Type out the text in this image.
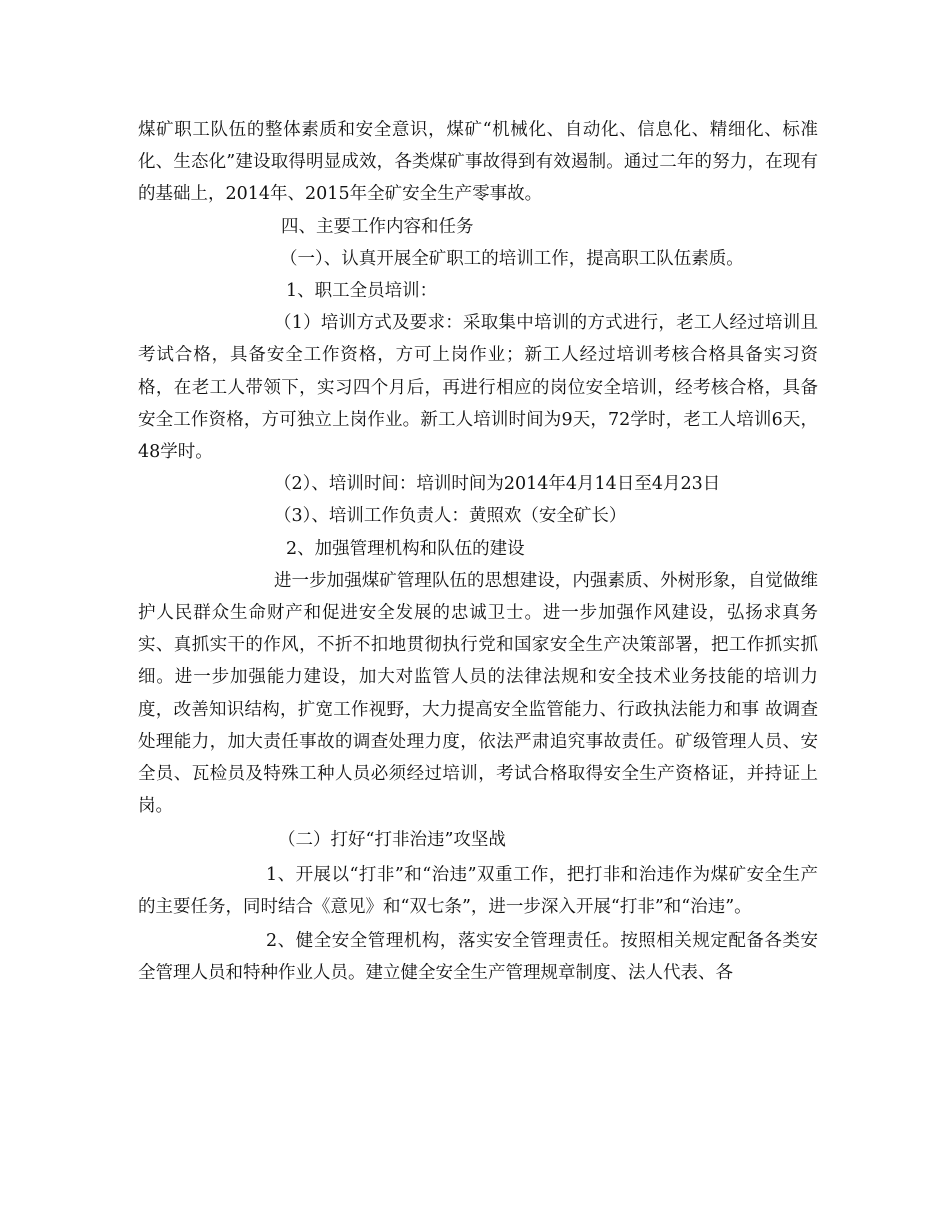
煤矿职工队伍的整体素质和安全意识，煤矿“机械化、自动化、信息化、精细化、标准化、生态化”建设取得明显成效，各类煤矿事故得到有效遏制。通过二年的努力，在现有的基础上，2014年、2015年全矿安全生产零事故。

四、主要工作内容和任务

（一）、认真开展全矿职工的培训工作，提高职工队伍素质。

1、职工全员培训：

（1）培训方式及要求：采取集中培训的方式进行，老工人经过培训且考试合格，具备安全工作资格，方可上岗作业；新工人经过培训考核合格具备实习资格，在老工人带领下，实习四个月后，再进行相应的岗位安全培训，经考核合格，具备安全工作资格，方可独立上岗作业。新工人培训时间为9天，72学时，老工人培训6天，48学时。

（2）、培训时间：培训时间为2014年4月14日至4月23日

（3）、培训工作负责人：黄照欢（安全矿长）

2、加强管理机构和队伍的建设

进一步加强煤矿管理队伍的思想建设，内强素质、外树形象，自觉做维护人民群众生命财产和促进安全发展的忠诚卫士。进一步加强作风建设，弘扬求真务实、真抓实干的作风，不折不扣地贯彻执行党和国家安全生产决策部署，把工作抓实抓细。进一步加强能力建设，加大对监管人员的法律法规和安全技术业务技能的培训力度，改善知识结构，扩宽工作视野，大力提高安全监管能力、行政执法能力和事 故调查处理能力，加大责任事故的调查处理力度，依法严肃追究事故责任。矿级管理人员、安全员、瓦检员及特殊工种人员必须经过培训，考试合格取得安全生产资格证，并持证上岗。

（二）打好“打非治违”攻坚战

1、开展以“打非”和“治违”双重工作，把打非和治违作为煤矿安全生产的主要任务，同时结合《意见》和“双七条”，进一步深入开展“打非”和“治违”。

2、健全安全管理机构，落实安全管理责任。按照相关规定配备各类安全管理人员和特种作业人员。建立健全安全生产管理规章制度、法人代表、各
